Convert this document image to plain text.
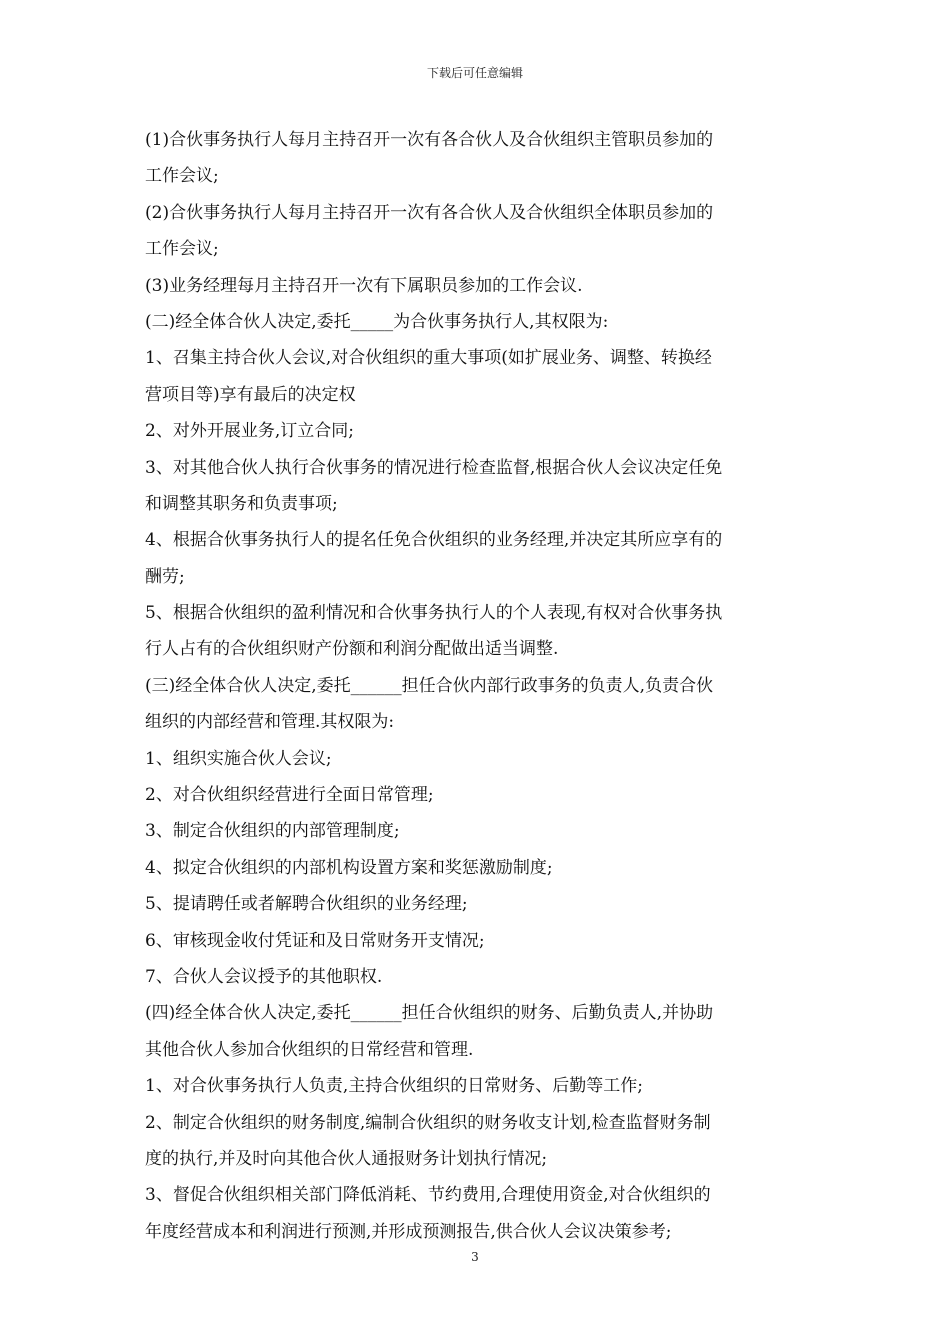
下载后可任意编辑
(1)合伙事务执行人每月主持召开一次有各合伙人及合伙组织主管职员参加的
工作会议;
(2)合伙事务执行人每月主持召开一次有各合伙人及合伙组织全体职员参加的
工作会议;
(3)业务经理每月主持召开一次有下属职员参加的工作会议.
(二)经全体合伙人决定,委托_____为合伙事务执行人,其权限为:
1、召集主持合伙人会议,对合伙组织的重大事项(如扩展业务、调整、转换经
营项目等)享有最后的决定权
2、对外开展业务,订立合同;
3、对其他合伙人执行合伙事务的情况进行检查监督,根据合伙人会议决定任免
和调整其职务和负责事项;
4、根据合伙事务执行人的提名任免合伙组织的业务经理,并决定其所应享有的
酬劳;
5、根据合伙组织的盈利情况和合伙事务执行人的个人表现,有权对合伙事务执
行人占有的合伙组织财产份额和利润分配做出适当调整.
(三)经全体合伙人决定,委托______担任合伙内部行政事务的负责人,负责合伙
组织的内部经营和管理.其权限为:
1、组织实施合伙人会议;
2、对合伙组织经营进行全面日常管理;
3、制定合伙组织的内部管理制度;
4、拟定合伙组织的内部机构设置方案和奖惩激励制度;
5、提请聘任或者解聘合伙组织的业务经理;
6、审核现金收付凭证和及日常财务开支情况;
7、合伙人会议授予的其他职权.
(四)经全体合伙人决定,委托______担任合伙组织的财务、后勤负责人,并协助
其他合伙人参加合伙组织的日常经营和管理.
1、对合伙事务执行人负责,主持合伙组织的日常财务、后勤等工作;
2、制定合伙组织的财务制度,编制合伙组织的财务收支计划,检查监督财务制
度的执行,并及时向其他合伙人通报财务计划执行情况;
3、督促合伙组织相关部门降低消耗、节约费用,合理使用资金,对合伙组织的
年度经营成本和利润进行预测,并形成预测报告,供合伙人会议决策参考;
3
